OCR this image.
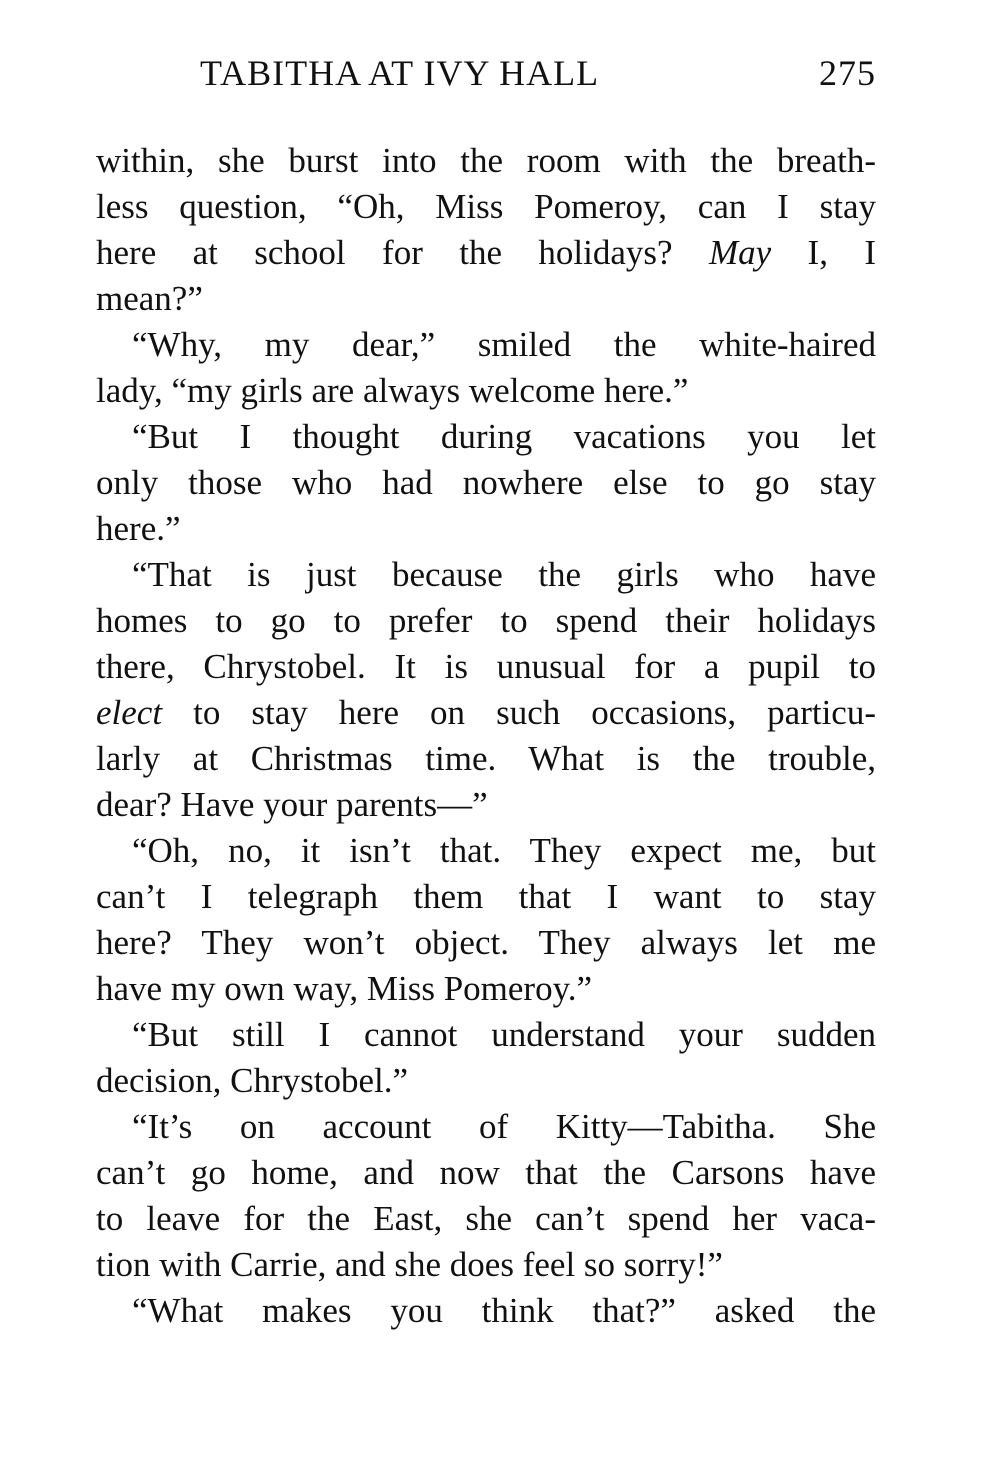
TABITHA AT IVY HALL	275
within, she burst into the room with the breath-
less question, “Oh, Miss Pomeroy, can I stay
here at school for the holidays? May I, I
mean?”
“Why, my dear,” smiled the white-haired
lady, “my girls are always welcome here.”
“But I thought during vacations you let
only those who had nowhere else to go stay
here.”
“That is just because the girls who have
homes to go to prefer to spend their holidays
there, Chrystobel. It is unusual for a pupil to
elect to stay here on such occasions, particu-
larly at Christmas time. What is the trouble,
dear? Have your parents—”
“Oh, no, it isn’t that. They expect me, but
can’t I telegraph them that I want to stay
here? They won’t object. They always let me
have my own way, Miss Pomeroy.”
“But still I cannot understand your sudden
decision, Chrystobel.”
“It’s on account of Kitty—Tabitha. She
can’t go home, and now that the Carsons have
to leave for the East, she can’t spend her vaca-
tion with Carrie, and she does feel so sorry!”
“What makes you think that?” asked the
